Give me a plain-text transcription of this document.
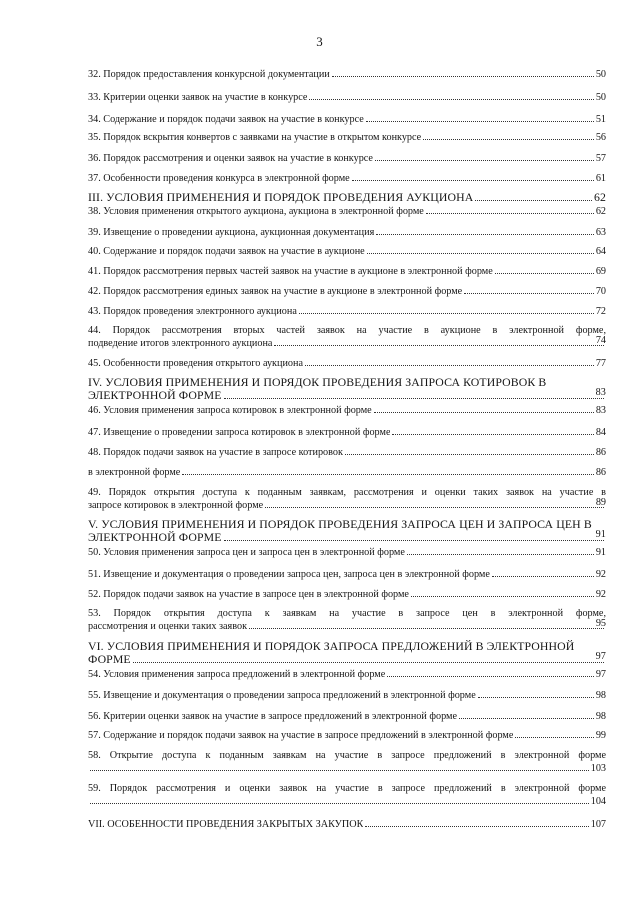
3
32. Порядок предоставления конкурсной документации	50
33. Критерии оценки заявок на участие в конкурсе	50
34. Содержание и порядок подачи заявок на участие в конкурсе	51
35. Порядок вскрытия конвертов с заявками на участие в открытом конкурсе	56
36. Порядок рассмотрения и оценки заявок на участие в конкурсе	57
37. Особенности проведения конкурса в электронной форме	61
III. УСЛОВИЯ ПРИМЕНЕНИЯ И ПОРЯДОК ПРОВЕДЕНИЯ АУКЦИОНА	62
38. Условия применения открытого аукциона, аукциона в электронной форме	62
39. Извещение о проведении аукциона, аукционная документация	63
40. Содержание и порядок подачи заявок на участие в аукционе	64
41. Порядок рассмотрения первых частей заявок на участие в аукционе в электронной форме	69
42. Порядок рассмотрения единых заявок на участие в аукционе в электронной форме	70
43. Порядок проведения электронного аукциона	72
44. Порядок рассмотрения вторых частей заявок на участие в аукционе в электронной форме,
подведение итогов электронного аукциона	74
45. Особенности проведения открытого аукциона	77
IV. УСЛОВИЯ ПРИМЕНЕНИЯ И ПОРЯДОК ПРОВЕДЕНИЯ ЗАПРОСА КОТИРОВОК В
ЭЛЕКТРОННОЙ ФОРМЕ	83
46. Условия применения запроса котировок в электронной форме	83
47. Извещение о проведении запроса котировок в электронной форме	84
48. Порядок подачи заявок на участие в запросе котировок	86
в электронной форме	86
49. Порядок открытия доступа к поданным заявкам, рассмотрения и оценки таких заявок на участие в
запросе котировок в электронной форме	89
V. УСЛОВИЯ ПРИМЕНЕНИЯ И ПОРЯДОК ПРОВЕДЕНИЯ ЗАПРОСА ЦЕН И ЗАПРОСА ЦЕН В
ЭЛЕКТРОННОЙ ФОРМЕ	91
50. Условия применения запроса цен и запроса цен в электронной форме	91
51. Извещение и документация о проведении запроса цен, запроса цен в электронной форме	92
52. Порядок подачи заявок на участие в запросе цен в электронной форме	92
53. Порядок открытия доступа к заявкам на участие в запросе цен в электронной форме,
рассмотрения и оценки таких заявок	95
VI. УСЛОВИЯ ПРИМЕНЕНИЯ И ПОРЯДОК ЗАПРОСА ПРЕДЛОЖЕНИЙ В ЭЛЕКТРОННОЙ
ФОРМЕ	97
54. Условия применения запроса предложений в электронной форме	97
55. Извещение и документация о проведении запроса предложений в электронной форме	98
56. Критерии оценки заявок на участие в запросе предложений в электронной форме	98
57. Содержание и порядок подачи заявок на участие в запросе предложений в электронной форме	99
58. Открытие доступа к поданным заявкам на участие в запросе предложений в электронной форме
103
59. Порядок рассмотрения и оценки заявок на участие в запросе предложений в электронной форме
104
VII. ОСОБЕННОСТИ ПРОВЕДЕНИЯ ЗАКРЫТЫХ ЗАКУПОК	107
